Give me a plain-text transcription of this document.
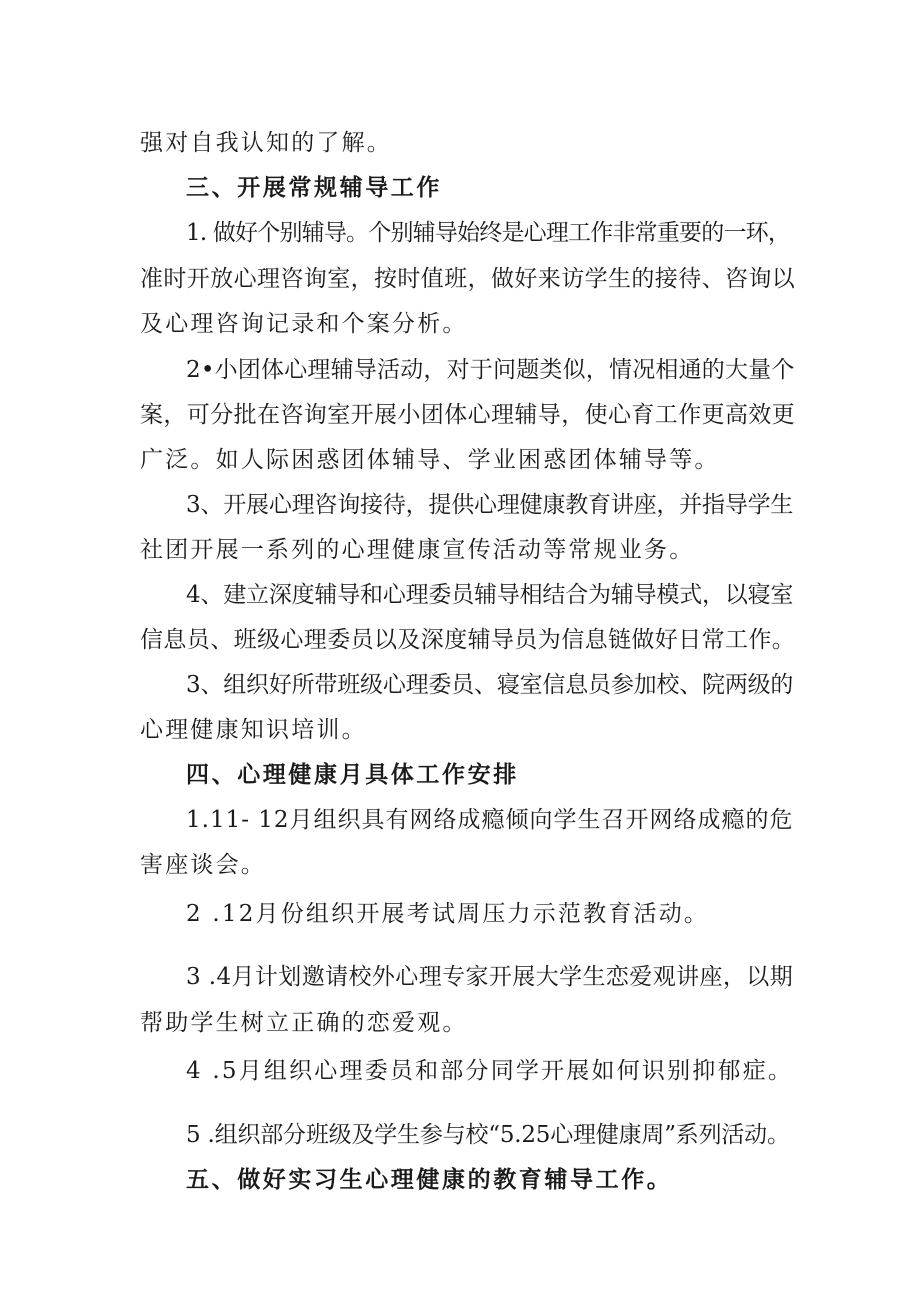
强对自我认知的了解。
三、开展常规辅导工作
1. 做好个别辅导。个别辅导始终是心理工作非常重要的一环，
准时开放心理咨询室，按时值班，做好来访学生的接待、咨询以
及心理咨询记录和个案分析。
2•小团体心理辅导活动，对于问题类似，情况相通的大量个
案，可分批在咨询室开展小团体心理辅导，使心育工作更高效更
广泛。如人际困惑团体辅导、学业困惑团体辅导等。
3、开展心理咨询接待，提供心理健康教育讲座，并指导学生
社团开展一系列的心理健康宣传活动等常规业务。
4、建立深度辅导和心理委员辅导相结合为辅导模式，以寝室
信息员、班级心理委员以及深度辅导员为信息链做好日常工作。
3、组织好所带班级心理委员、寝室信息员参加校、院两级的
心理健康知识培训。
四、心理健康月具体工作安排
1.11- 12月组织具有网络成瘾倾向学生召开网络成瘾的危
害座谈会。
2 .12月份组织开展考试周压力示范教育活动。
3 .4月计划邀请校外心理专家开展大学生恋爱观讲座，以期
帮助学生树立正确的恋爱观。
4 .5月组织心理委员和部分同学开展如何识别抑郁症。
5 .组织部分班级及学生参与校“5.25心理健康周”系列活动。
五、做好实习生心理健康的教育辅导工作。
